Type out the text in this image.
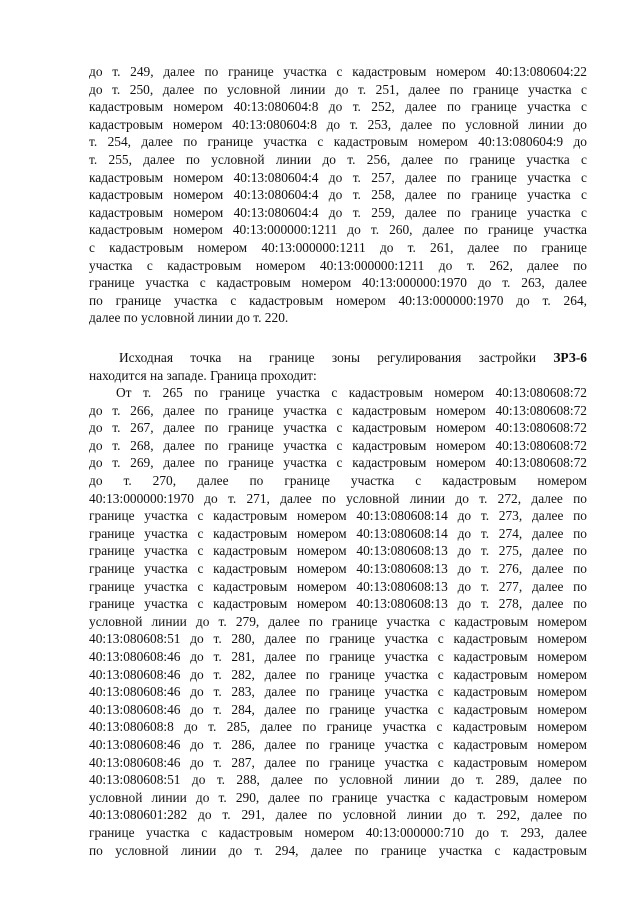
до т. 249, далее по границе участка с кадастровым номером 40:13:080604:22
до т. 250, далее по условной линии до т. 251, далее по границе участка с
кадастровым номером 40:13:080604:8 до т. 252, далее по границе участка с
кадастровым номером 40:13:080604:8 до т. 253, далее по условной линии до
т. 254, далее по границе участка с кадастровым номером 40:13:080604:9 до
т. 255, далее по условной линии до т. 256, далее по границе участка с
кадастровым номером 40:13:080604:4 до т. 257, далее по границе участка с
кадастровым номером 40:13:080604:4 до т. 258, далее по границе участка с
кадастровым номером 40:13:080604:4 до т. 259, далее по границе участка с
кадастровым номером 40:13:000000:1211 до т. 260, далее по границе участка
с кадастровым номером 40:13:000000:1211 до т. 261, далее по границе
участка с кадастровым номером 40:13:000000:1211 до т. 262, далее по
границе участка с кадастровым номером 40:13:000000:1970 до т. 263, далее
по границе участка с кадастровым номером 40:13:000000:1970 до т. 264,
далее по условной линии до т. 220.
Исходная точка на границе зоны регулирования застройки ЗРЗ-6
находится на западе. Граница проходит:
От т. 265 по границе участка с кадастровым номером 40:13:080608:72
до т. 266, далее по границе участка с кадастровым номером 40:13:080608:72
до т. 267, далее по границе участка с кадастровым номером 40:13:080608:72
до т. 268, далее по границе участка с кадастровым номером 40:13:080608:72
до т. 269, далее по границе участка с кадастровым номером 40:13:080608:72
до т. 270, далее по границе участка с кадастровым номером
40:13:000000:1970 до т. 271, далее по условной линии до т. 272, далее по
границе участка с кадастровым номером 40:13:080608:14 до т. 273, далее по
границе участка с кадастровым номером 40:13:080608:14 до т. 274, далее по
границе участка с кадастровым номером 40:13:080608:13 до т. 275, далее по
границе участка с кадастровым номером 40:13:080608:13 до т. 276, далее по
границе участка с кадастровым номером 40:13:080608:13 до т. 277, далее по
границе участка с кадастровым номером 40:13:080608:13 до т. 278, далее по
условной линии до т. 279, далее по границе участка с кадастровым номером
40:13:080608:51 до т. 280, далее по границе участка с кадастровым номером
40:13:080608:46 до т. 281, далее по границе участка с кадастровым номером
40:13:080608:46 до т. 282, далее по границе участка с кадастровым номером
40:13:080608:46 до т. 283, далее по границе участка с кадастровым номером
40:13:080608:46 до т. 284, далее по границе участка с кадастровым номером
40:13:080608:8 до т. 285, далее по границе участка с кадастровым номером
40:13:080608:46 до т. 286, далее по границе участка с кадастровым номером
40:13:080608:46 до т. 287, далее по границе участка с кадастровым номером
40:13:080608:51 до т. 288, далее по условной линии до т. 289, далее по
условной линии до т. 290, далее по границе участка с кадастровым номером
40:13:080601:282 до т. 291, далее по условной линии до т. 292, далее по
границе участка с кадастровым номером 40:13:000000:710 до т. 293, далее
по условной линии до т. 294, далее по границе участка с кадастровым
